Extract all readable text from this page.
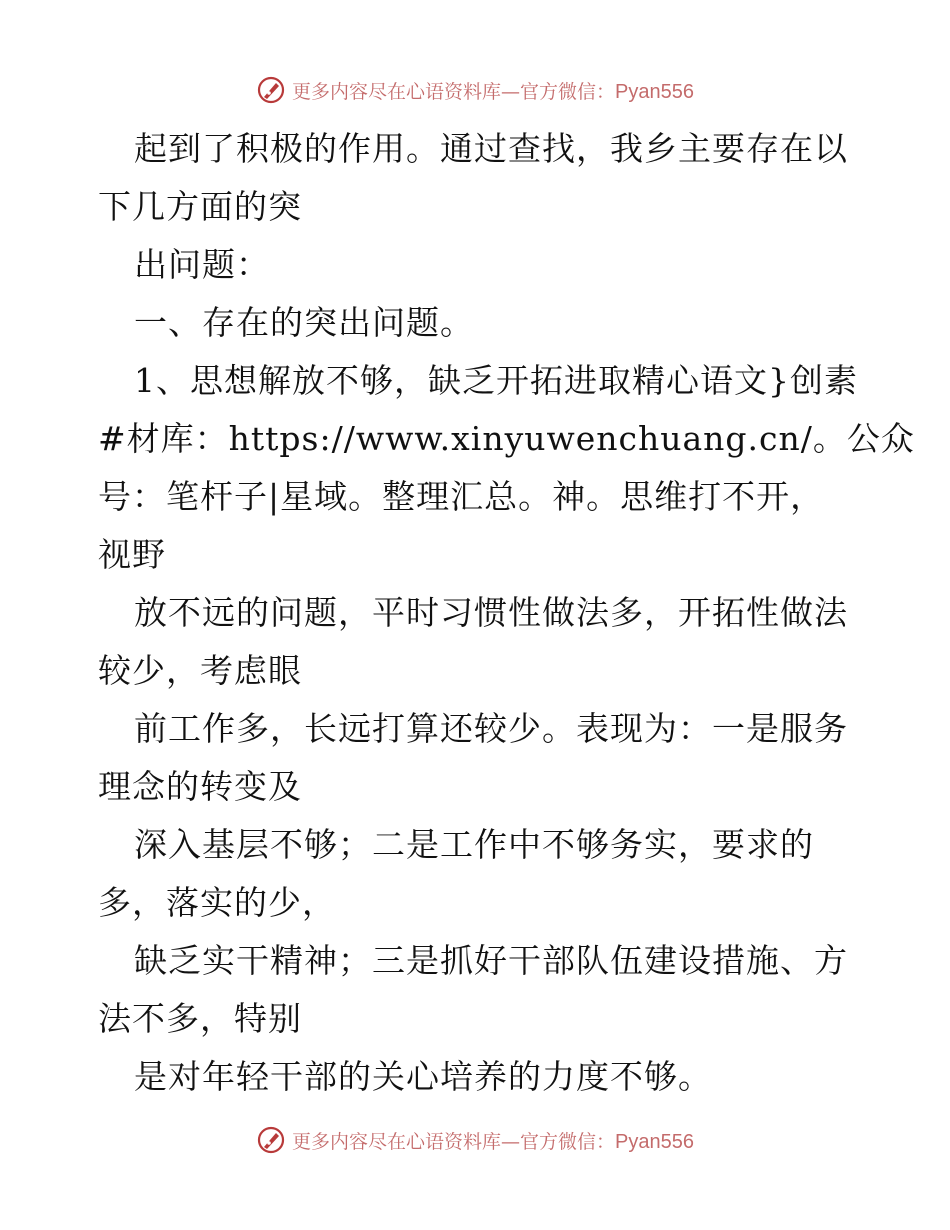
更多内容尽在心语资料库—官方微信：Pyan556
起到了积极的作用。通过查找，我乡主要存在以
下几方面的突
出问题：
一、存在的突出问题。
1、思想解放不够，缺乏开拓进取精心语文}创素
#材库：https://www.xinyuwenchuang.cn/。公众
号：笔杆子|星域。整理汇总。神。思维打不开，
视野
放不远的问题，平时习惯性做法多，开拓性做法
较少，考虑眼
前工作多，长远打算还较少。表现为：一是服务
理念的转变及
深入基层不够；二是工作中不够务实，要求的
多，落实的少，
缺乏实干精神；三是抓好干部队伍建设措施、方
法不多，特别
是对年轻干部的关心培养的力度不够。
更多内容尽在心语资料库—官方微信：Pyan556
